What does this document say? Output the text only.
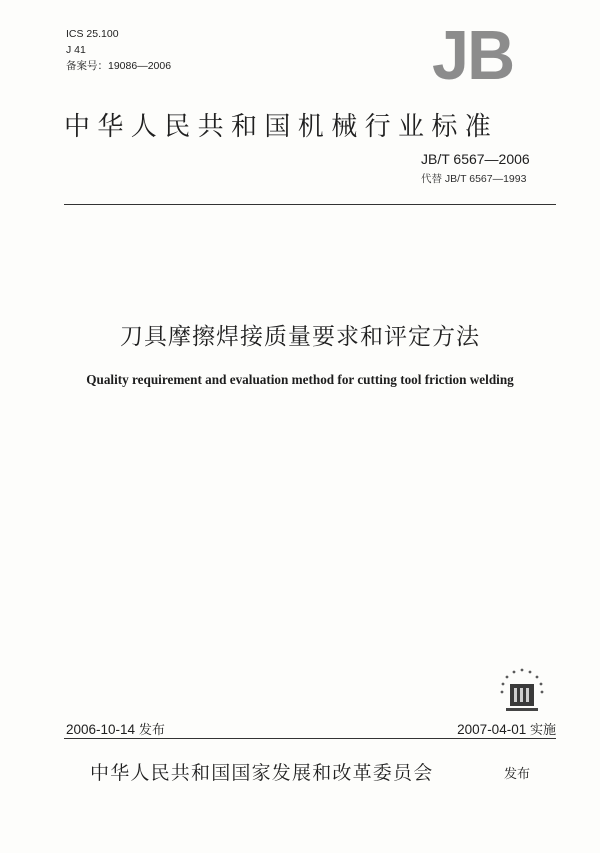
ICS 25.100
J 41
备案号：19086—2006	JB
中华人民共和国机械行业标准
JB/T 6567—2006
代替 JB/T 6567—1993
刀具摩擦焊接质量要求和评定方法
Quality requirement and evaluation method for cutting tool friction welding
2006-10-14 发布	2007-04-01 实施
中华人民共和国国家发展和改革委员会	发布
